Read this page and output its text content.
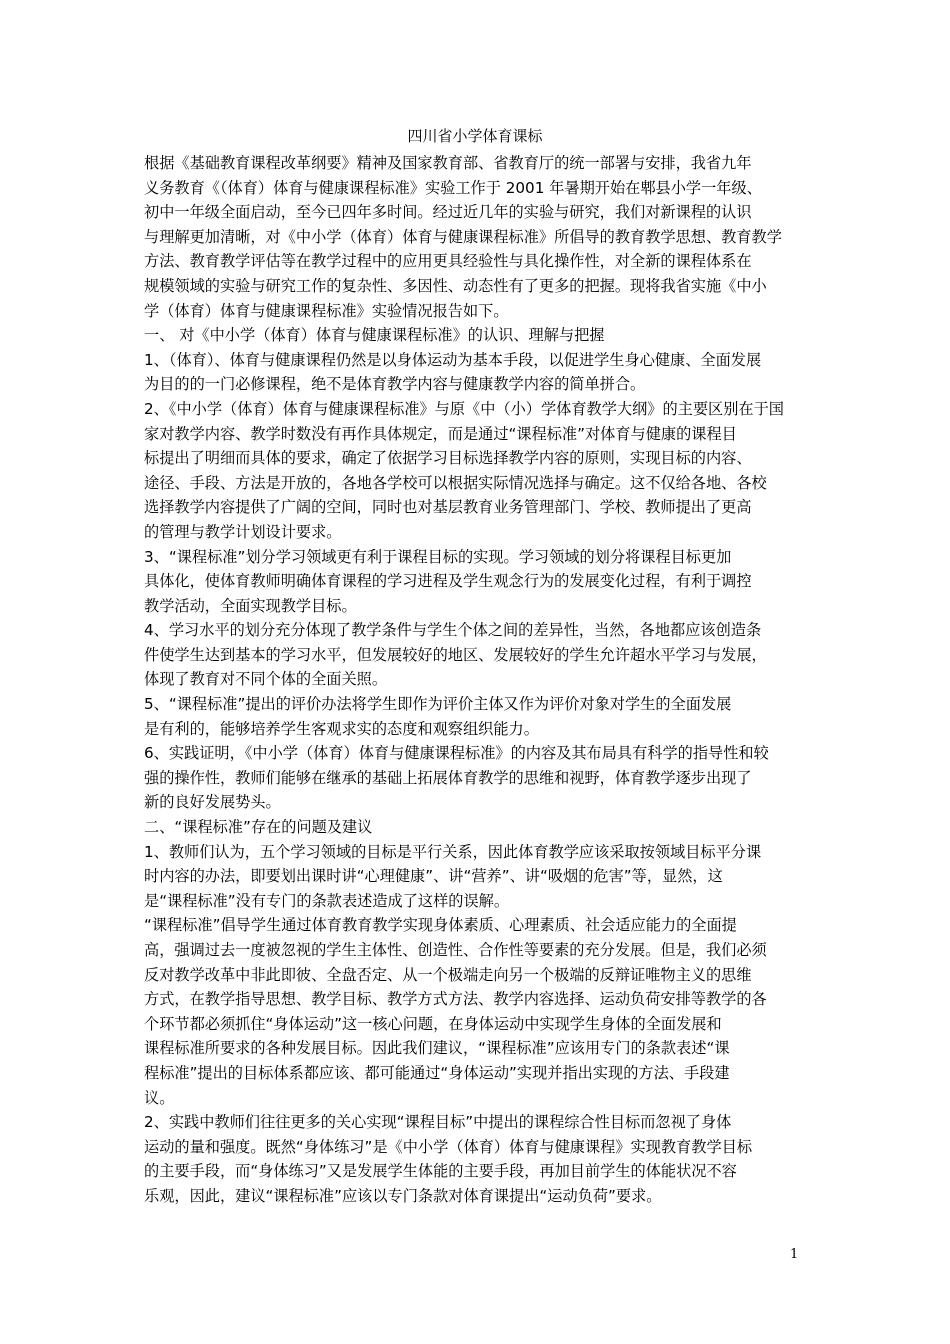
四川省小学体育课标
根据《基础教育课程改革纲要》精神及国家教育部、省教育厅的统一部署与安排，我省九年
义务教育《（体育）体育与健康课程标准》实验工作于 2001 年暑期开始在郫县小学一年级、
初中一年级全面启动，至今已四年多时间。经过近几年的实验与研究，我们对新课程的认识
与理解更加清晰，对《中小学（体育）体育与健康课程标准》所倡导的教育教学思想、教育教学
方法、教育教学评估等在教学过程中的应用更具经验性与具化操作性，对全新的课程体系在
规模领域的实验与研究工作的复杂性、多因性、动态性有了更多的把握。现将我省实施《中小
学（体育）体育与健康课程标准》实验情况报告如下。
一、 对《中小学（体育）体育与健康课程标准》的认识、理解与把握
1、（体育）、体育与健康课程仍然是以身体运动为基本手段，以促进学生身心健康、全面发展
为目的的一门必修课程，绝不是体育教学内容与健康教学内容的简单拼合。
2、《中小学（体育）体育与健康课程标准》与原《中（小）学体育教学大纲》的主要区别在于国
家对教学内容、教学时数没有再作具体规定，而是通过“课程标准”对体育与健康的课程目
标提出了明细而具体的要求，确定了依据学习目标选择教学内容的原则，实现目标的内容、
途径、手段、方法是开放的，各地各学校可以根据实际情况选择与确定。这不仅给各地、各校
选择教学内容提供了广阔的空间，同时也对基层教育业务管理部门、学校、教师提出了更高
的管理与教学计划设计要求。
3、“课程标准”划分学习领域更有利于课程目标的实现。学习领域的划分将课程目标更加
具体化，使体育教师明确体育课程的学习进程及学生观念行为的发展变化过程，有利于调控
教学活动，全面实现教学目标。
4、学习水平的划分充分体现了教学条件与学生个体之间的差异性，当然，各地都应该创造条
件使学生达到基本的学习水平，但发展较好的地区、发展较好的学生允许超水平学习与发展，
体现了教育对不同个体的全面关照。
5、“课程标准”提出的评价办法将学生即作为评价主体又作为评价对象对学生的全面发展
是有利的，能够培养学生客观求实的态度和观察组织能力。
6、实践证明，《中小学（体育）体育与健康课程标准》的内容及其布局具有科学的指导性和较
强的操作性，教师们能够在继承的基础上拓展体育教学的思维和视野，体育教学逐步出现了
新的良好发展势头。
二、“课程标准”存在的问题及建议
1、教师们认为，五个学习领域的目标是平行关系，因此体育教学应该采取按领域目标平分课
时内容的办法，即要划出课时讲“心理健康”、讲“营养”、讲“吸烟的危害”等，显然，这
是“课程标准”没有专门的条款表述造成了这样的误解。
“课程标准”倡导学生通过体育教育教学实现身体素质、心理素质、社会适应能力的全面提
高，强调过去一度被忽视的学生主体性、创造性、合作性等要素的充分发展。但是，我们必须
反对教学改革中非此即彼、全盘否定、从一个极端走向另一个极端的反辩证唯物主义的思维
方式，在教学指导思想、教学目标、教学方式方法、教学内容选择、运动负荷安排等教学的各
个环节都必须抓住“身体运动”这一核心问题，在身体运动中实现学生身体的全面发展和
课程标准所要求的各种发展目标。因此我们建议，“课程标准”应该用专门的条款表述“课
程标准”提出的目标体系都应该、都可能通过“身体运动”实现并指出实现的方法、手段建
议。
2、实践中教师们往往更多的关心实现“课程目标”中提出的课程综合性目标而忽视了身体
运动的量和强度。既然“身体练习”是《中小学（体育）体育与健康课程》实现教育教学目标
的主要手段，而“身体练习”又是发展学生体能的主要手段，再加目前学生的体能状况不容
乐观，因此，建议“课程标准”应该以专门条款对体育课提出“运动负荷”要求。
1
